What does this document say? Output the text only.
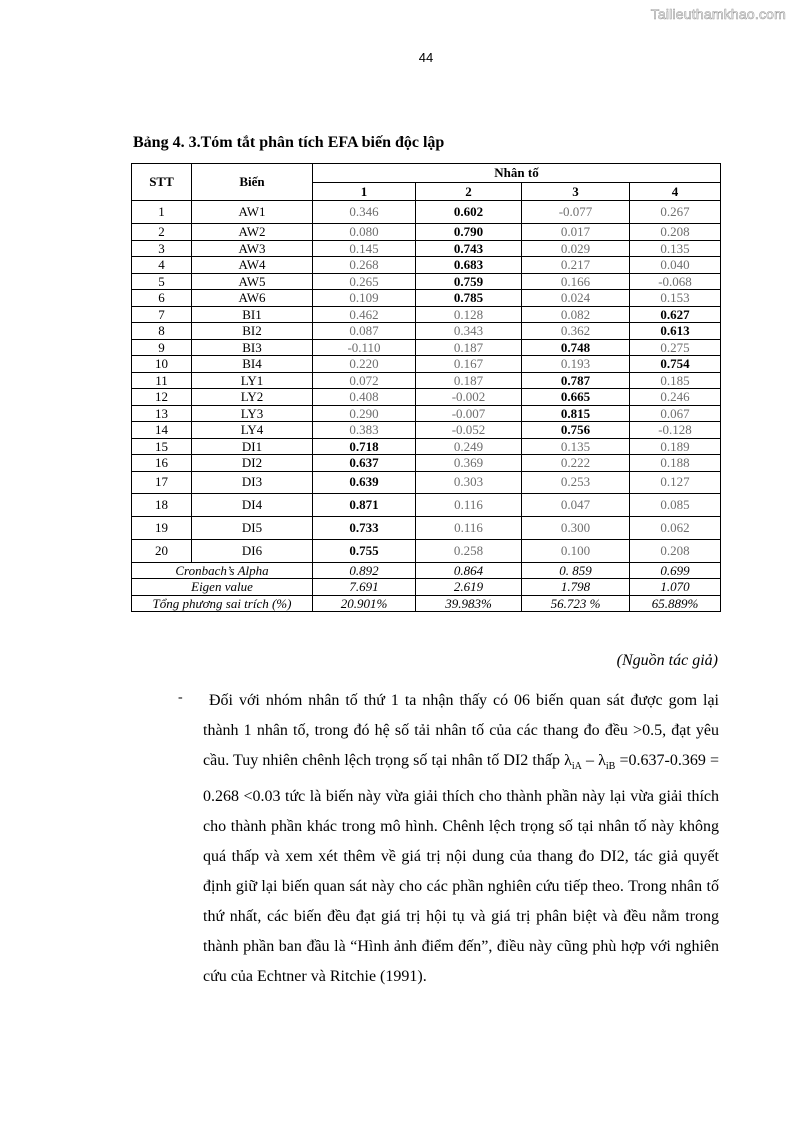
Tailieuthamkhao.com
44
Bảng 4. 3.Tóm tắt phân tích EFA biến độc lập
STT	Biến	Nhân tố			
		1	2	3	4
1	AW1	0.346	0.602	-0.077	0.267
2	AW2	0.080	0.790	0.017	0.208
3	AW3	0.145	0.743	0.029	0.135
4	AW4	0.268	0.683	0.217	0.040
5	AW5	0.265	0.759	0.166	-0.068
6	AW6	0.109	0.785	0.024	0.153
7	BI1	0.462	0.128	0.082	0.627
8	BI2	0.087	0.343	0.362	0.613
9	BI3	-0.110	0.187	0.748	0.275
10	BI4	0.220	0.167	0.193	0.754
11	LY1	0.072	0.187	0.787	0.185
12	LY2	0.408	-0.002	0.665	0.246
13	LY3	0.290	-0.007	0.815	0.067
14	LY4	0.383	-0.052	0.756	-0.128
15	DI1	0.718	0.249	0.135	0.189
16	DI2	0.637	0.369	0.222	0.188
17	DI3	0.639	0.303	0.253	0.127
18	DI4	0.871	0.116	0.047	0.085
19	DI5	0.733	0.116	0.300	0.062
20	DI6	0.755	0.258	0.100	0.208
Cronbach’s Alpha		0.892	0.864	0. 859	0.699
Eigen value		7.691	2.619	1.798	1.070
Tổng phương sai trích (%)		20.901%	39.983%	56.723 %	65.889%
(Nguồn tác giả)
-	Đối với nhóm nhân tố thứ 1 ta nhận thấy có 06 biến quan sát được gom lại thành 1 nhân tố, trong đó hệ số tải nhân tố của các thang đo đều >0.5, đạt yêu cầu. Tuy nhiên chênh lệch trọng số tại nhân tố DI2 thấp $\lambda_{iA} - \lambda_{iB} =0.637-0.369 = 0.268 <0.03$ tức là biến này vừa giải thích cho thành phần này lại vừa giải thích cho thành phần khác trong mô hình. Chênh lệch trọng số tại nhân tố này không quá thấp và xem xét thêm về giá trị nội dung của thang đo DI2, tác giả quyết định giữ lại biến quan sát này cho các phần nghiên cứu tiếp theo. Trong nhân tố thứ nhất, các biến đều đạt giá trị hội tụ và giá trị phân biệt và đều nằm trong thành phần ban đầu là “Hình ảnh điểm đến”, điều này cũng phù hợp với nghiên cứu của Echtner và Ritchie (1991).
